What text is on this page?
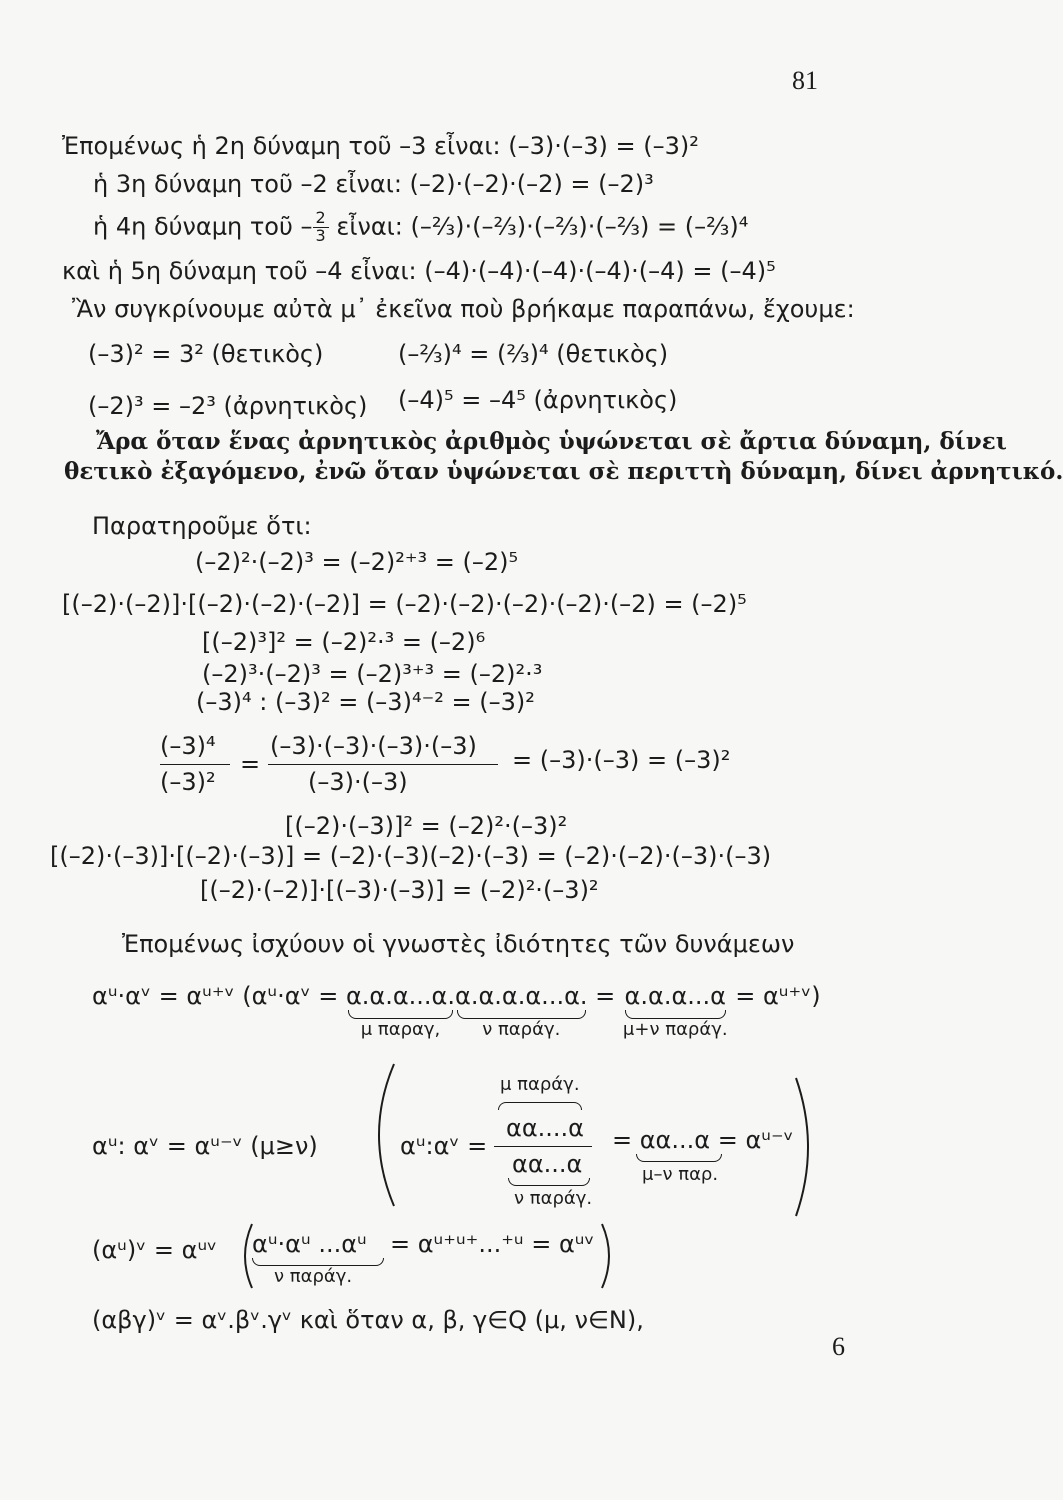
81
Ἐπομένως ἡ 2η δύναμη τοῦ –3 εἶναι: (–3)·(–3) = (–3)²
ἡ 3η δύναμη τοῦ –2 εἶναι: (–2)·(–2)·(–2) = (–2)³
ἡ 4η δύναμη τοῦ – $\frac{2}{3}$ εἶναι: (–⅔)·(–⅔)·(–⅔)·(–⅔) = (–⅔)⁴
καὶ ἡ 5η δύναμη τοῦ –4 εἶναι: (–4)·(–4)·(–4)·(–4)·(–4) = (–4)⁵
Ἂν συγκρίνουμε αὐτὰ μ᾽ ἐκεῖνα ποὺ βρήκαμε παραπάνω, ἔχουμε:
(–3)² = 3² (θετικὸς)	(–⅔)⁴ = (⅔)⁴ (θετικὸς)
(–2)³ = –2³ (ἀρνητικὸς) (–4)⁵ = –4⁵ (ἀρνητικὸς)
Ἄρα ὅταν ἕνας ἀρνητικὸς ἀριθμὸς ὑψώνεται σὲ ἄρτια δύναμη, δίνει
θετικὸ ἐξαγόμενο, ἐνῶ ὅταν ὑψώνεται σὲ περιττὴ δύναμη, δίνει ἀρνητικό.
Παρατηροῦμε ὅτι:
(–2)²·(–2)³ = (–2)²⁺³ = (–2)⁵
[(–2)·(–2)]·[(–2)·(–2)·(–2)] = (–2)·(–2)·(–2)·(–2)·(–2) = (–2)⁵
[(–2)³]² = (–2)²·³ = (–2)⁶
(–2)³·(–2)³ = (–2)³⁺³ = (–2)²·³
(–3)⁴ : (–3)² = (–3)⁴⁻² = (–3)²
(–3)⁴
(–3)²
=
(–3)·(–3)·(–3)·(–3)
(–3)·(–3)
= (–3)·(–3) = (–3)²
[(–2)·(–3)]² = (–2)²·(–3)²
[(–2)·(–3)]·[(–2)·(–3)] = (–2)·(–3)(–2)·(–3) = (–2)·(–2)·(–3)·(–3)
[(–2)·(–2)]·[(–3)·(–3)] = (–2)²·(–3)²
Ἐπομένως ἰσχύουν οἱ γνωστὲς ἰδιότητες τῶν δυνάμεων
αᵘ·αᵛ = αᵘ⁺ᵛ (αᵘ·αᵛ = α.α.α...α.
μ παραγ,
α.α.α.α...α.
ν παράγ.
= α.α.α...α
μ+ν παράγ.
= αᵘ⁺ᵛ)
αᵘ: αᵛ = αᵘ⁻ᵛ (μ≥ν)	αᵘ:αᵛ =
μ παράγ.
αα....α
αα...α
ν παράγ.
= αα...α = αᵘ⁻ᵛ
μ–ν παρ.
(αᵘ)ᵛ = αᵘᵛ αᵘ·αᵘ ...αᵘ
ν παράγ.
= αᵘ⁺ᵘ⁺...⁺ᵘ = αᵘᵛ
(αβγ)ᵛ = αᵛ.βᵛ.γᵛ καὶ ὅταν α, β, γ∈Q (μ, ν∈N),
6
